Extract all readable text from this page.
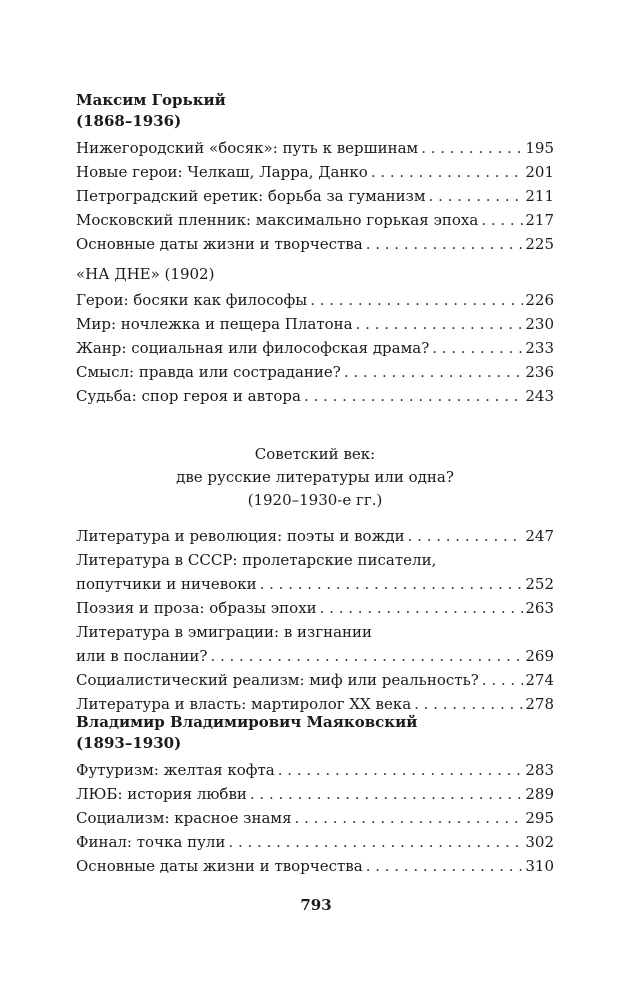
Максим Горький
(1868–1936)
Нижегородский «босяк»: путь к вершинам . . .	195
Новые герои: Челкаш, Ларра, Данко . . .	201
Петроградский еретик: борьба за гуманизм . . .	211
Московский пленник: максимально горькая эпоха . . .	217
Основные даты жизни и творчества . . .	225
«НА ДНЕ» (1902)
Герои: босяки как философы . . .	226
Мир: ночлежка и пещера Платона . . .	230
Жанр: социальная или философская драма? . . .	233
Смысл: правда или сострадание? . . .	236
Судьба: спор героя и автора . . .	243
Советский век:
две русские литературы или одна?
(1920–1930-е гг.)
Литература и революция: поэты и вожди . . .	247
Литература в СССР: пролетарские писатели,
попутчики и ничевоки . . .	252
Поэзия и проза: образы эпохи . . .	263
Литература в эмиграции: в изгнании
или в послании? . . .	269
Социалистический реализм: миф или реальность? . . .	274
Литература и власть: мартиролог XX века . . .	278
Владимир Владимирович Маяковский
(1893–1930)
Футуризм: желтая кофта . . .	283
ЛЮБ: история любви . . .	289
Социализм: красное знамя . . .	295
Финал: точка пули . . .	302
Основные даты жизни и творчества . . .	310
793
